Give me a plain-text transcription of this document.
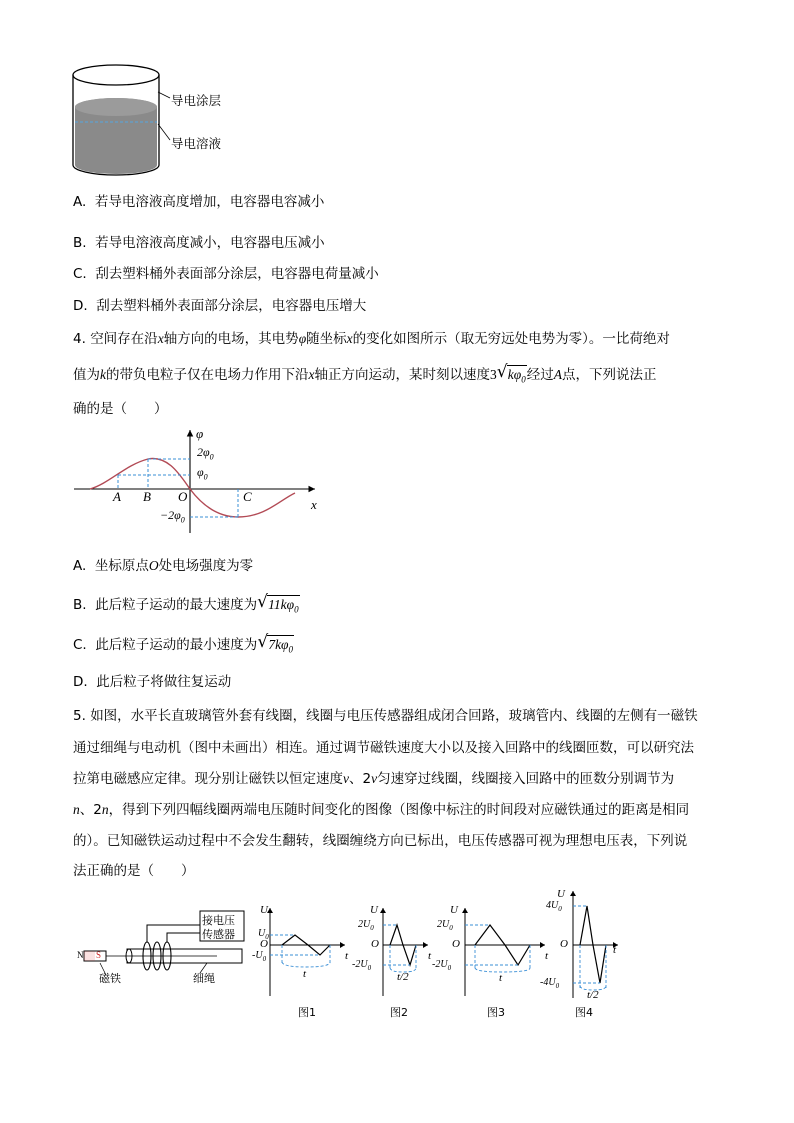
导电涂层
导电溶液
A. 若导电溶液高度增加，电容器电容减小
B. 若导电溶液高度减小，电容器电压减小
C. 刮去塑料桶外表面部分涂层，电容器电荷量减小
D. 刮去塑料桶外表面部分涂层，电容器电压增大
4. 空间存在沿x轴方向的电场，其电势φ随坐标x的变化如图所示（取无穷远处电势为零）。一比荷绝对
值为k的带负电粒子仅在电场力作用下沿x轴正方向运动，某时刻以速度3 √ $k\varphi_0$经过A点，下列说法正
确的是（　　）
φ
$2\varphi_0$
$\varphi_0$
$-2\varphi_0$
A B O	C
x
A. 坐标原点O处电场强度为零
B. 此后粒子运动的最大速度为 √ $11k\varphi_0$
C. 此后粒子运动的最小速度为 √ $7k\varphi_0$
D. 此后粒子将做往复运动
5. 如图，水平长直玻璃管外套有线圈，线圈与电压传感器组成闭合回路，玻璃管内、线圈的左侧有一磁铁
通过细绳与电动机（图中未画出）相连。通过调节磁铁速度大小以及接入回路中的线圈匝数，可以研究法
拉第电磁感应定律。现分别让磁铁以恒定速度v、2v匀速穿过线圈，线圈接入回路中的匝数分别调节为
n、2n，得到下列四幅线圈两端电压随时间变化的图像（图像中标注的时间段对应磁铁通过的距离是相同
的）。已知磁铁运动过程中不会发生翻转，线圈缠绕方向已标出，电压传感器可视为理想电压表，下列说
法正确的是（　　）
接电压
传感器
N S
磁铁	细绳
U
$U_0$
O
$-U_0$	t
t
图1
U
$2U_0$
O
$-2U_0$
t
t/2
图2
U
$2U_0$
O
$-2U_0$
t
t
图3
U
$4U_0$
O
$-4U_0$
t
t/2
图4
